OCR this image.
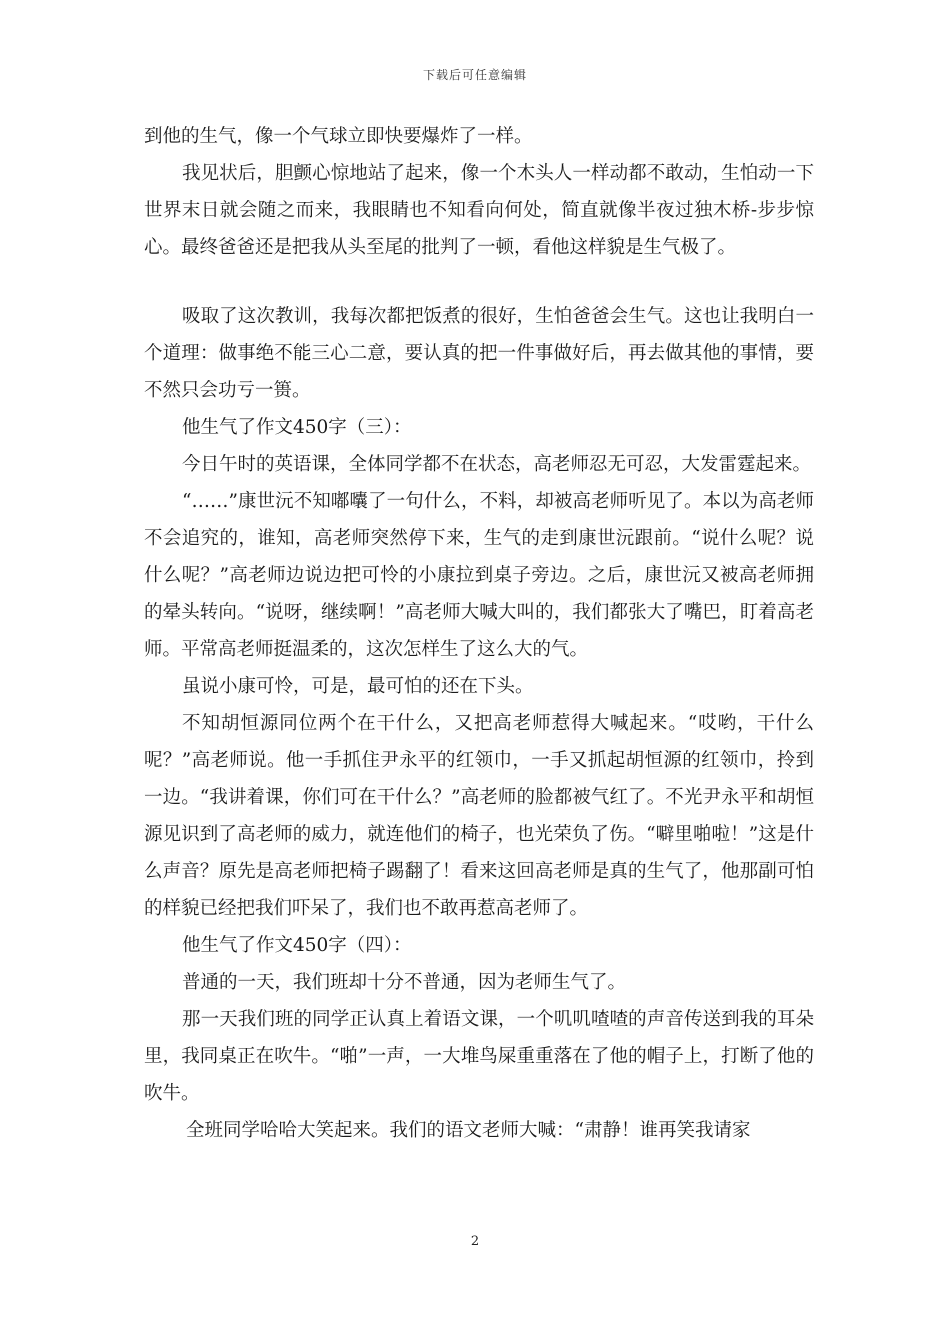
下载后可任意编辑

到他的生气，像一个气球立即快要爆炸了一样。

我见状后，胆颤心惊地站了起来，像一个木头人一样动都不敢动，生怕动一下世界末日就会随之而来，我眼睛也不知看向何处，简直就像半夜过独木桥-步步惊心。最终爸爸还是把我从头至尾的批判了一顿，看他这样貌是生气极了。

吸取了这次教训，我每次都把饭煮的很好，生怕爸爸会生气。这也让我明白一个道理：做事绝不能三心二意，要认真的把一件事做好后，再去做其他的事情，要不然只会功亏一篑。

他生气了作文450字（三）：

今日午时的英语课，全体同学都不在状态，高老师忍无可忍，大发雷霆起来。

“……”康世沅不知嘟囔了一句什么，不料，却被高老师听见了。本以为高老师不会追究的，谁知，高老师突然停下来，生气的走到康世沅跟前。“说什么呢？说什么呢？”高老师边说边把可怜的小康拉到桌子旁边。之后，康世沅又被高老师拥的晕头转向。“说呀，继续啊！”高老师大喊大叫的，我们都张大了嘴巴，盯着高老师。平常高老师挺温柔的，这次怎样生了这么大的气。

虽说小康可怜，可是，最可怕的还在下头。

不知胡恒源同位两个在干什么，又把高老师惹得大喊起来。“哎哟，干什么呢？”高老师说。他一手抓住尹永平的红领巾，一手又抓起胡恒源的红领巾，拎到一边。“我讲着课，你们可在干什么？”高老师的脸都被气红了。不光尹永平和胡恒源见识到了高老师的威力，就连他们的椅子，也光荣负了伤。“噼里啪啦！”这是什么声音？原先是高老师把椅子踢翻了！看来这回高老师是真的生气了，他那副可怕的样貌已经把我们吓呆了，我们也不敢再惹高老师了。

他生气了作文450字（四）：

普通的一天，我们班却十分不普通，因为老师生气了。

那一天我们班的同学正认真上着语文课，一个叽叽喳喳的声音传送到我的耳朵里，我同桌正在吹牛。“啪”一声，一大堆鸟屎重重落在了他的帽子上，打断了他的吹牛。

全班同学哈哈大笑起来。我们的语文老师大喊：“肃静！谁再笑我请家

2
